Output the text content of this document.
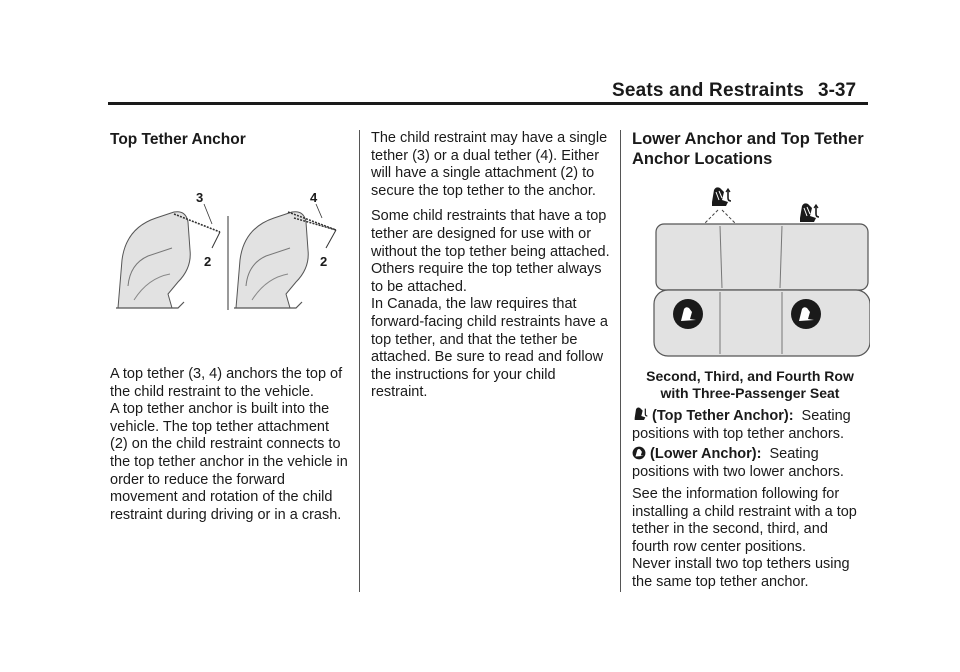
Seats and Restraints 3-37
Top Tether Anchor
3
2
4
2

A top tether (3, 4) anchors the top of the child restraint to the vehicle.

A top tether anchor is built into the vehicle. The top tether attachment (2) on the child restraint connects to the top tether anchor in the vehicle in order to reduce the forward movement and rotation of the child restraint during driving or in a crash.

The child restraint may have a single tether (3) or a dual tether (4). Either will have a single attachment (2) to secure the top tether to the anchor.

Some child restraints that have a top tether are designed for use with or without the top tether being attached. Others require the top tether always to be attached.

In Canada, the law requires that forward-facing child restraints have a top tether, and that the tether be attached. Be sure to read and follow the instructions for your child restraint.

Lower Anchor and Top Tether Anchor Locations
Second, Third, and Fourth Row
with Three-Passenger Seat
(Top Tether Anchor): Seating positions with top tether anchors.
(Lower Anchor): Seating positions with two lower anchors.
See the information following for installing a child restraint with a top tether in the second, third, and fourth row center positions.
Never install two top tethers using the same top tether anchor.
